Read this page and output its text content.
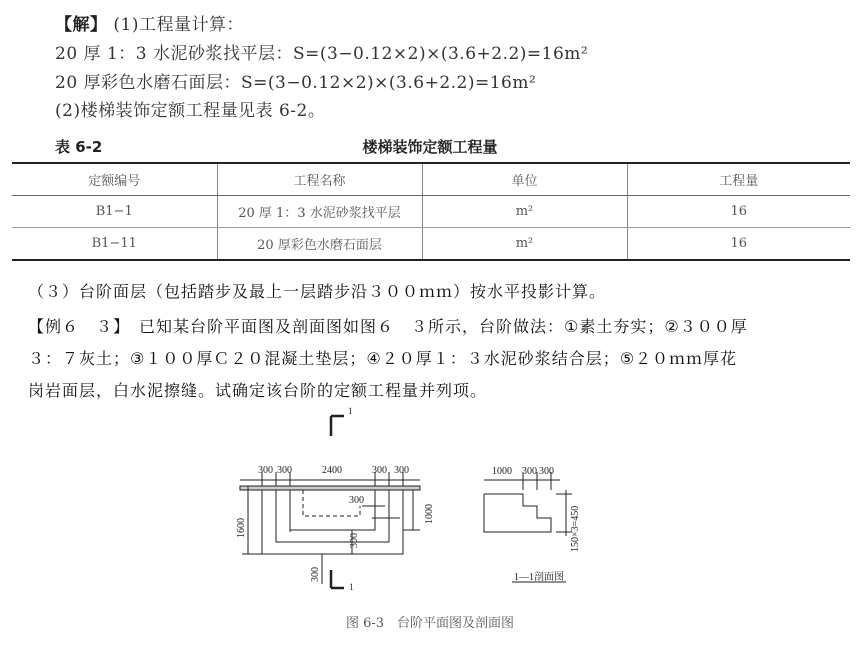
【解】 (1)工程量计算：
20 厚 1：3 水泥砂浆找平层：S=(3−0.12×2)×(3.6+2.2)=16m²
20 厚彩色水磨石面层：S=(3−0.12×2)×(3.6+2.2)=16m²
(2)楼梯装饰定额工程量见表 6-2。
表 6-2	楼梯装饰定额工程量
定额编号	工程名称	单位	工程量
B1−1	20 厚 1：3 水泥砂浆找平层	m²	16
B1−11	20 厚彩色水磨石面层	m²	16
（３）台阶面层（包括踏步及最上一层踏步沿３００ｍｍ）按水平投影计算。
【例６　３】　已知某台阶平面图及剖面图如图６　３所示，台阶做法：①素土夯实；②３００厚
３：７灰土；③１００厚Ｃ２０混凝土垫层；④２０厚１：３水泥砂浆结合层；⑤２０ｍｍ厚花
岗岩面层，白水泥擦缝。试确定该台阶的定额工程量并列项。
1
1
300 300	2400	300 300
1600
1000
300
300
300
1000 300 300
150×3=450
1—1剖面图
图 6-3　台阶平面图及剖面图
